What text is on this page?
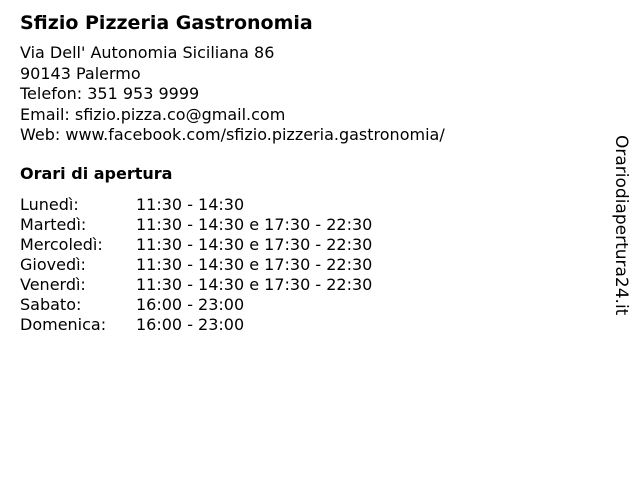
Sfizio Pizzeria Gastronomia
Via Dell' Autonomia Siciliana 86
90143 Palermo
Telefon: 351 953 9999
Email: sfizio.pizza.co@gmail.com
Web: www.facebook.com/sfizio.pizzeria.gastronomia/
Orari di apertura
Lunedì:	11:30 - 14:30
Martedì:	11:30 - 14:30 e 17:30 - 22:30
Mercoledì:	11:30 - 14:30 e 17:30 - 22:30
Giovedì:	11:30 - 14:30 e 17:30 - 22:30
Venerdì:	11:30 - 14:30 e 17:30 - 22:30
Sabato:	16:00 - 23:00
Domenica:	16:00 - 23:00
Orariodiapertura24.it
